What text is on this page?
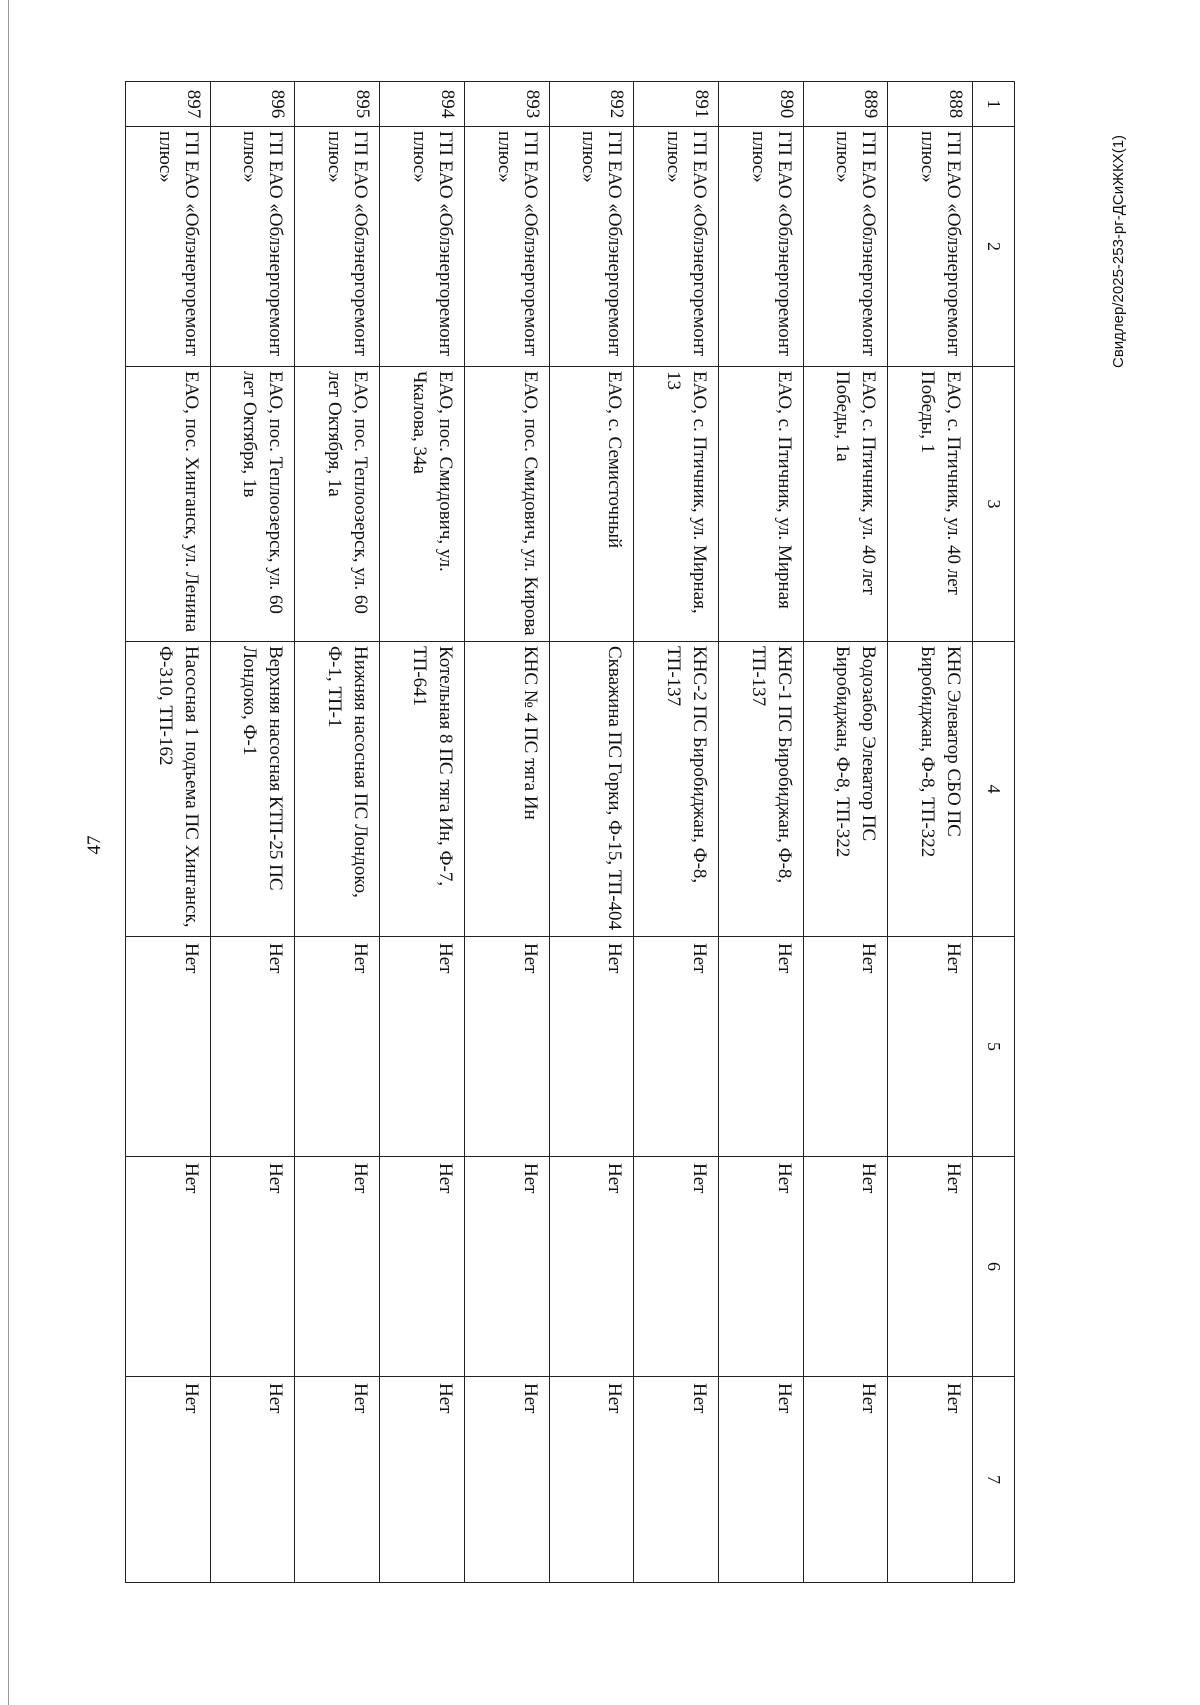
47
Свидлер/2025-253-рг-ДСиЖКХ(1)
1	2	3	4	5	6	7

888	ГП ЕАО «Облэнергоремонт плюс»	ЕАО, с. Птичник, ул. 40 лет Победы, 1	КНС Элеватор СБО ПС Биробиджан, Ф-8, ТП-322	Нет	Нет	Нет

889	ГП ЕАО «Облэнергоремонт плюс»	ЕАО, с. Птичник, ул. 40 лет Победы, 1а	Водозабор Элеватор ПС Биробиджан, Ф-8, ТП-322	Нет	Нет	Нет

890	ГП ЕАО «Облэнергоремонт плюс»	ЕАО, с. Птичник, ул. Мирная	КНС-1 ПС Биробиджан, Ф-8, ТП-137	Нет	Нет	Нет

891	ГП ЕАО «Облэнергоремонт плюс»	ЕАО, с. Птичник, ул. Мирная, 13	КНС-2 ПС Биробиджан, Ф-8, ТП-137	Нет	Нет	Нет

892	ГП ЕАО «Облэнергоремонт плюс»	ЕАО, с. Семисточный	Скважина ПС Горки, Ф-15, ТП-404	Нет	Нет	Нет

893	ГП ЕАО «Облэнергоремонт плюс»	ЕАО, пос. Смидович, ул. Кирова	КНС № 4 ПС тяга Ин	Нет	Нет	Нет

894	ГП ЕАО «Облэнергоремонт плюс»	ЕАО, пос. Смидович, ул. Чкалова, 34а	Котельная 8 ПС тяга Ин, Ф-7, ТП-641	Нет	Нет	Нет

895	ГП ЕАО «Облэнергоремонт плюс»	ЕАО, пос. Теплоозерск, ул. 60 лет Октября, 1а	Нижняя насосная ПС Лондоко, Ф-1, ТП-1	Нет	Нет	Нет

896	ГП ЕАО «Облэнергоремонт плюс»	ЕАО, пос. Теплоозерск, ул. 60 лет Октября, 1в	Верхняя насосная КТП-25 ПС Лондоко, Ф-1	Нет	Нет	Нет

897	ГП ЕАО «Облэнергоремонт плюс»	ЕАО, пос. Хинганск, ул. Ленина	Насосная 1 подъема ПС Хинганск, Ф-310, ТП-162	Нет	Нет	Нет
